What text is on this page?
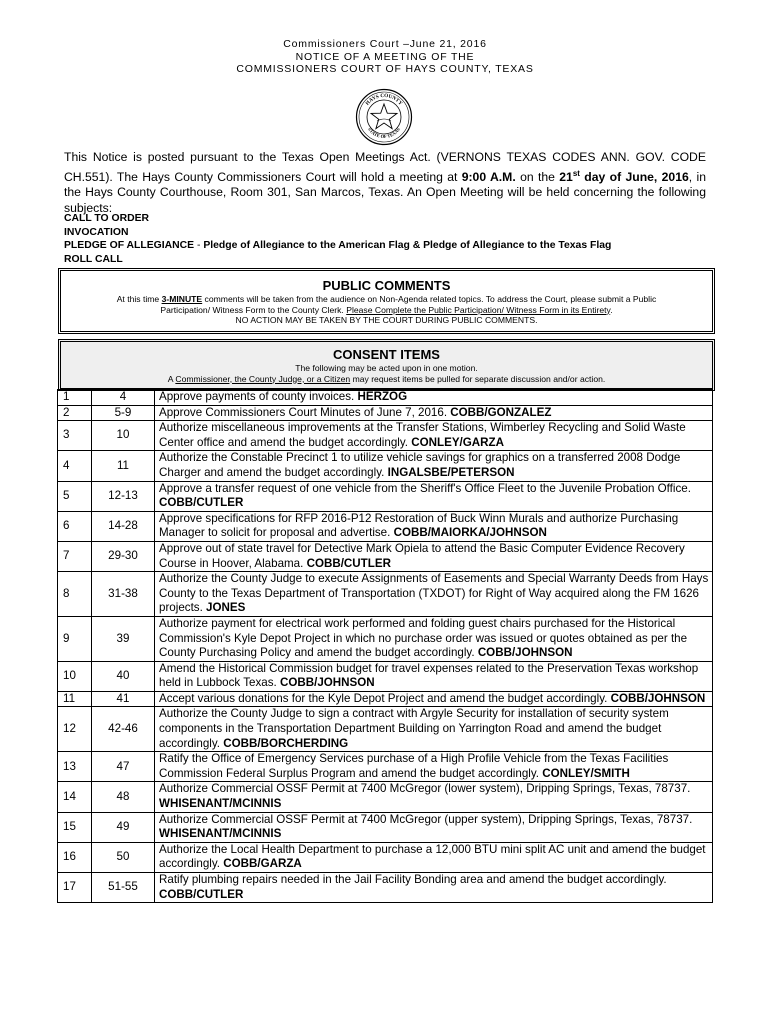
Commissioners Court –June 21, 2016
NOTICE OF A MEETING OF THE
COMMISSIONERS COURT OF HAYS COUNTY, TEXAS
HAYS COUNTY
STATE OF TEXAS
This Notice is posted pursuant to the Texas Open Meetings Act. (VERNONS TEXAS CODES ANN. GOV. CODE CH.551). The Hays County Commissioners Court will hold a meeting at 9:00 A.M. on the 21st day of June, 2016, in the Hays County Courthouse, Room 301, San Marcos, Texas. An Open Meeting will be held concerning the following subjects:
CALL TO ORDER
INVOCATION
PLEDGE OF ALLEGIANCE - Pledge of Allegiance to the American Flag & Pledge of Allegiance to the Texas Flag
ROLL CALL
PUBLIC COMMENTS
At this time 3-MINUTE comments will be taken from the audience on Non-Agenda related topics. To address the Court, please submit a Public
Participation/ Witness Form to the County Clerk. Please Complete the Public Participation/ Witness Form in its Entirety.
NO ACTION MAY BE TAKEN BY THE COURT DURING PUBLIC COMMENTS.
CONSENT ITEMS
The following may be acted upon in one motion.
A Commissioner, the County Judge, or a Citizen may request items be pulled for separate discussion and/or action.
1	4	Approve payments of county invoices. HERZOG
2	5-9	Approve Commissioners Court Minutes of June 7, 2016. COBB/GONZALEZ
3	10	Authorize miscellaneous improvements at the Transfer Stations, Wimberley Recycling and Solid Waste Center office and amend the budget accordingly. CONLEY/GARZA
4	11	Authorize the Constable Precinct 1 to utilize vehicle savings for graphics on a transferred 2008 Dodge Charger and amend the budget accordingly. INGALSBE/PETERSON
5	12-13	Approve a transfer request of one vehicle from the Sheriff's Office Fleet to the Juvenile Probation Office. COBB/CUTLER
6	14-28	Approve specifications for RFP 2016-P12 Restoration of Buck Winn Murals and authorize Purchasing Manager to solicit for proposal and advertise. COBB/MAIORKA/JOHNSON
7	29-30	Approve out of state travel for Detective Mark Opiela to attend the Basic Computer Evidence Recovery Course in Hoover, Alabama. COBB/CUTLER
8	31-38	Authorize the County Judge to execute Assignments of Easements and Special Warranty Deeds from Hays County to the Texas Department of Transportation (TXDOT) for Right of Way acquired along the FM 1626 projects. JONES
9	39	Authorize payment for electrical work performed and folding guest chairs purchased for the Historical Commission's Kyle Depot Project in which no purchase order was issued or quotes obtained as per the County Purchasing Policy and amend the budget accordingly. COBB/JOHNSON
10	40	Amend the Historical Commission budget for travel expenses related to the Preservation Texas workshop held in Lubbock Texas. COBB/JOHNSON
11	41	Accept various donations for the Kyle Depot Project and amend the budget accordingly. COBB/JOHNSON
12	42-46	Authorize the County Judge to sign a contract with Argyle Security for installation of security system components in the Transportation Department Building on Yarrington Road and amend the budget accordingly. COBB/BORCHERDING
13	47	Ratify the Office of Emergency Services purchase of a High Profile Vehicle from the Texas Facilities Commission Federal Surplus Program and amend the budget accordingly. CONLEY/SMITH
14	48	Authorize Commercial OSSF Permit at 7400 McGregor (lower system), Dripping Springs, Texas, 78737. WHISENANT/MCINNIS
15	49	Authorize Commercial OSSF Permit at 7400 McGregor (upper system), Dripping Springs, Texas, 78737. WHISENANT/MCINNIS
16	50	Authorize the Local Health Department to purchase a 12,000 BTU mini split AC unit and amend the budget accordingly. COBB/GARZA
17	51-55	Ratify plumbing repairs needed in the Jail Facility Bonding area and amend the budget accordingly. COBB/CUTLER
